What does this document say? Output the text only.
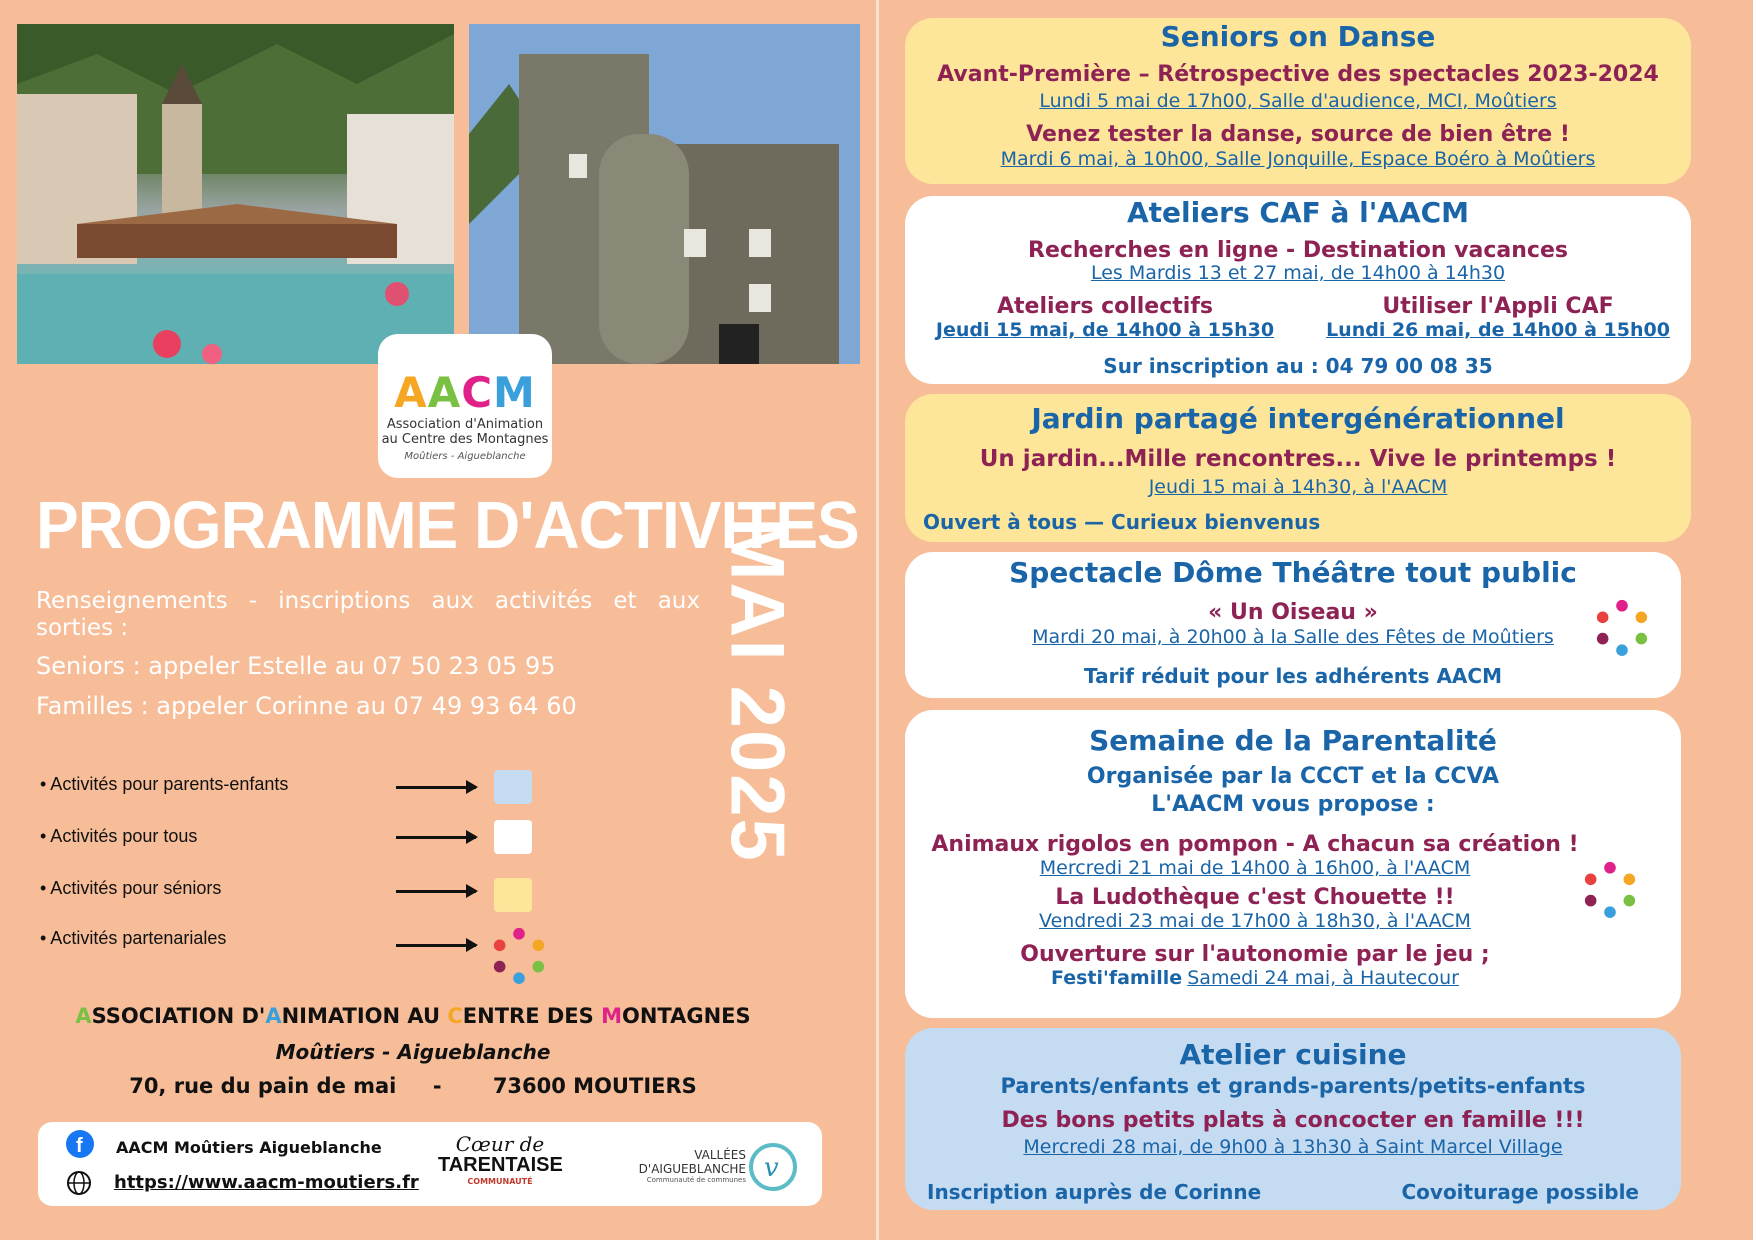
AACM
Association d'Animation
au Centre des Montagnes
Moûtiers - Aigueblanche
PROGRAMME D'ACTIVITES
MAI 2025
Renseignements - inscriptions aux activités et aux sorties :
Seniors : appeler Estelle au 07 50 23 05 95
Familles : appeler Corinne au 07 49 93 64 60
• Activités pour parents-enfants
• Activités pour tous
• Activités pour séniors
• Activités partenariales
ASSOCIATION D'ANIMATION AU CENTRE DES MONTAGNES
Moûtiers - Aigueblanche
70, rue du pain de mai     -       73600 MOUTIERS
f AACM Moûtiers Aigueblanche
https://www.aacm-moutiers.fr
Cœur de
TARENTAISE
COMMUNAUTÉ
VALLÉES
D'AIGUEBLANCHE
Communauté de communes v
Seniors on Danse
Avant-Première – Rétrospective des spectacles 2023-2024
Lundi 5 mai de 17h00, Salle d'audience, MCI, Moûtiers
Venez tester la danse, source de bien être !
Mardi 6 mai, à 10h00, Salle Jonquille, Espace Boéro à Moûtiers
Ateliers CAF à l'AACM
Recherches en ligne - Destination vacances
Les Mardis 13 et 27 mai, de 14h00 à 14h30
Ateliers collectifs
Jeudi 15 mai, de 14h00 à 15h30
Utiliser l'Appli CAF
Lundi 26 mai, de 14h00 à 15h00
Sur inscription au : 04 79 00 08 35
Jardin partagé intergénérationnel
Un jardin...Mille rencontres... Vive le printemps !
Jeudi 15 mai à 14h30, à l'AACM
Ouvert à tous — Curieux bienvenus
Spectacle Dôme Théâtre tout public
« Un Oiseau »
Mardi 20 mai, à 20h00 à la Salle des Fêtes de Moûtiers
Tarif réduit pour les adhérents AACM
Semaine de la Parentalité
Organisée par la CCCT et la CCVA
L'AACM vous propose :
Animaux rigolos en pompon - A chacun sa création !
Mercredi 21 mai de 14h00 à 16h00, à l'AACM
La Ludothèque c'est Chouette !!
Vendredi 23 mai de 17h00 à 18h30, à l'AACM
Ouverture sur l'autonomie par le jeu ;
Festi'famille Samedi 24 mai, à Hautecour
Atelier cuisine
Parents/enfants et grands-parents/petits-enfants
Des bons petits plats à concocter en famille !!!
Mercredi 28 mai, de 9h00 à 13h30 à Saint Marcel Village
Inscription auprès de Corinne	Covoiturage possible
